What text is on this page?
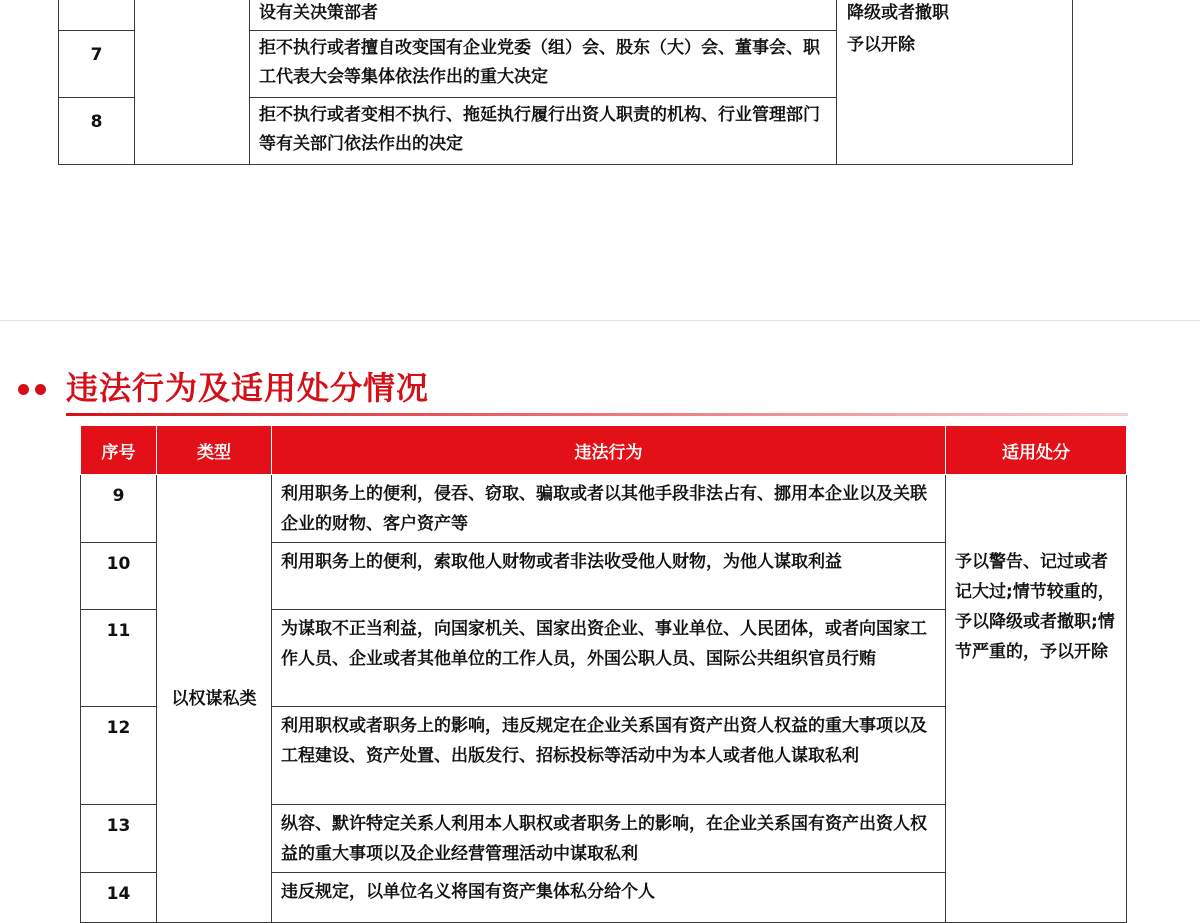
		设有关决策部者	降级或者撤职
予以开除

7		拒不执行或者擅自改变国有企业党委（组）会、股东（大）会、董事会、职工代表大会等集体依法作出的重大决定	
8		拒不执行或者变相不执行、拖延执行履行出资人职责的机构、行业管理部门等有关部门依法作出的决定	
违法行为及适用处分情况
序号	类型	违法行为	适用处分
9	以权谋私类	利用职务上的便利，侵吞、窃取、骗取或者以其他手段非法占有、挪用本企业以及关联企业的财物、客户资产等	予以警告、记过或者记大过;情节较重的，予以降级或者撤职;情节严重的，予以开除
10		利用职务上的便利，索取他人财物或者非法收受他人财物，为他人谋取利益	
11		为谋取不正当利益，向国家机关、国家出资企业、事业单位、人民团体，或者向国家工作人员、企业或者其他单位的工作人员，外国公职人员、国际公共组织官员行贿	
12		利用职权或者职务上的影响，违反规定在企业关系国有资产出资人权益的重大事项以及工程建设、资产处置、出版发行、招标投标等活动中为本人或者他人谋取私利	
13		纵容、默许特定关系人利用本人职权或者职务上的影响，在企业关系国有资产出资人权益的重大事项以及企业经营管理活动中谋取私利	
14		违反规定，以单位名义将国有资产集体私分给个人	
